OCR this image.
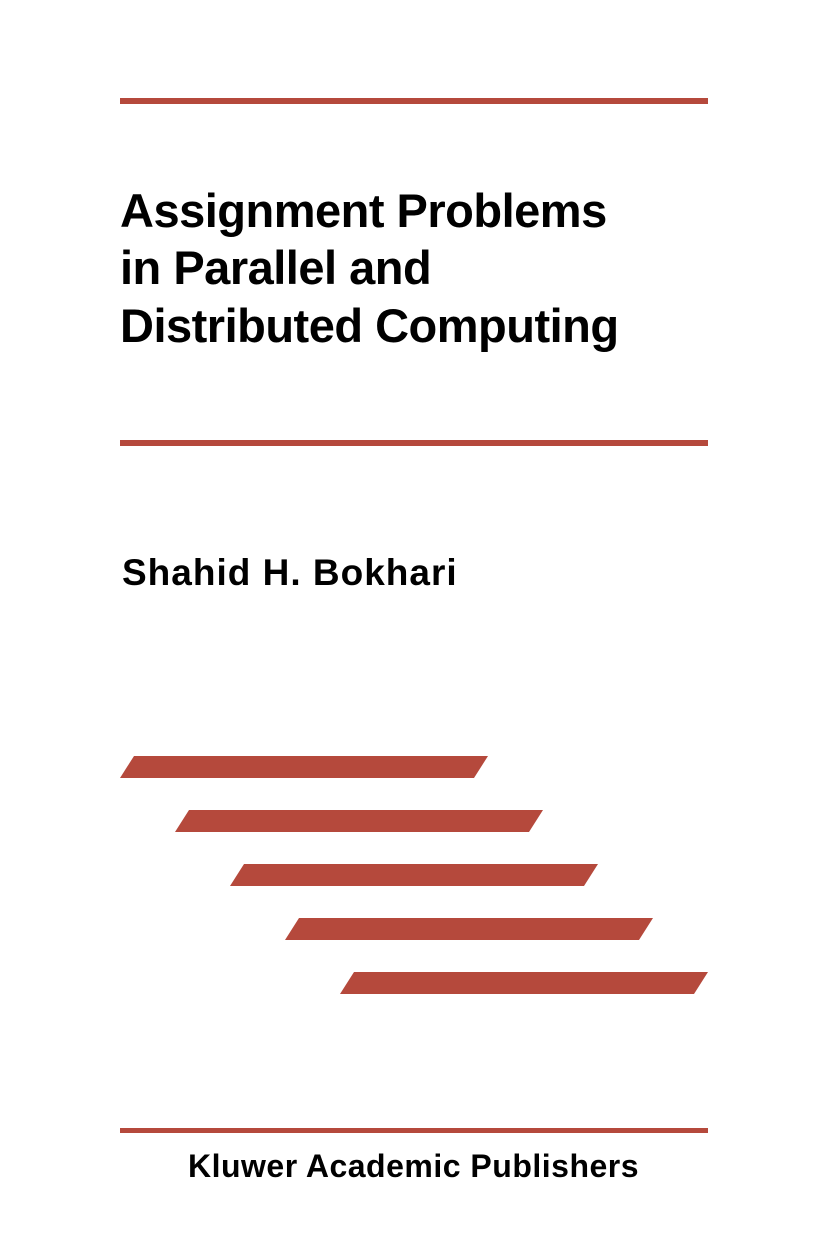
Assignment Problems
in Parallel and
Distributed Computing
Shahid H. Bokhari
Kluwer Academic Publishers
